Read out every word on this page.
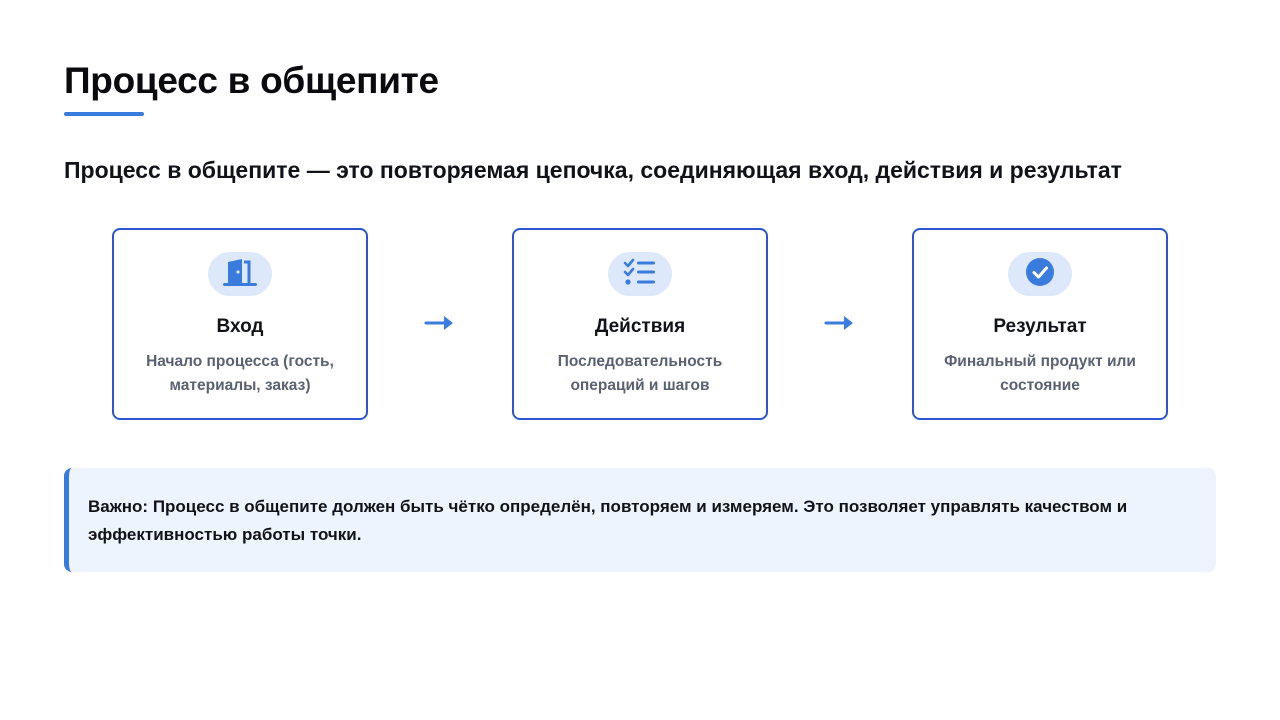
Процесс в общепите
Процесс в общепите — это повторяемая цепочка, соединяющая вход, действия и результат
Вход
Начало процесса (гость, материалы, заказ)
Действия
Последовательность операций и шагов
Результат
Финальный продукт или состояние
Важно: Процесс в общепите должен быть чётко определён, повторяем и измеряем. Это позволяет управлять качеством и эффективностью работы точки.
